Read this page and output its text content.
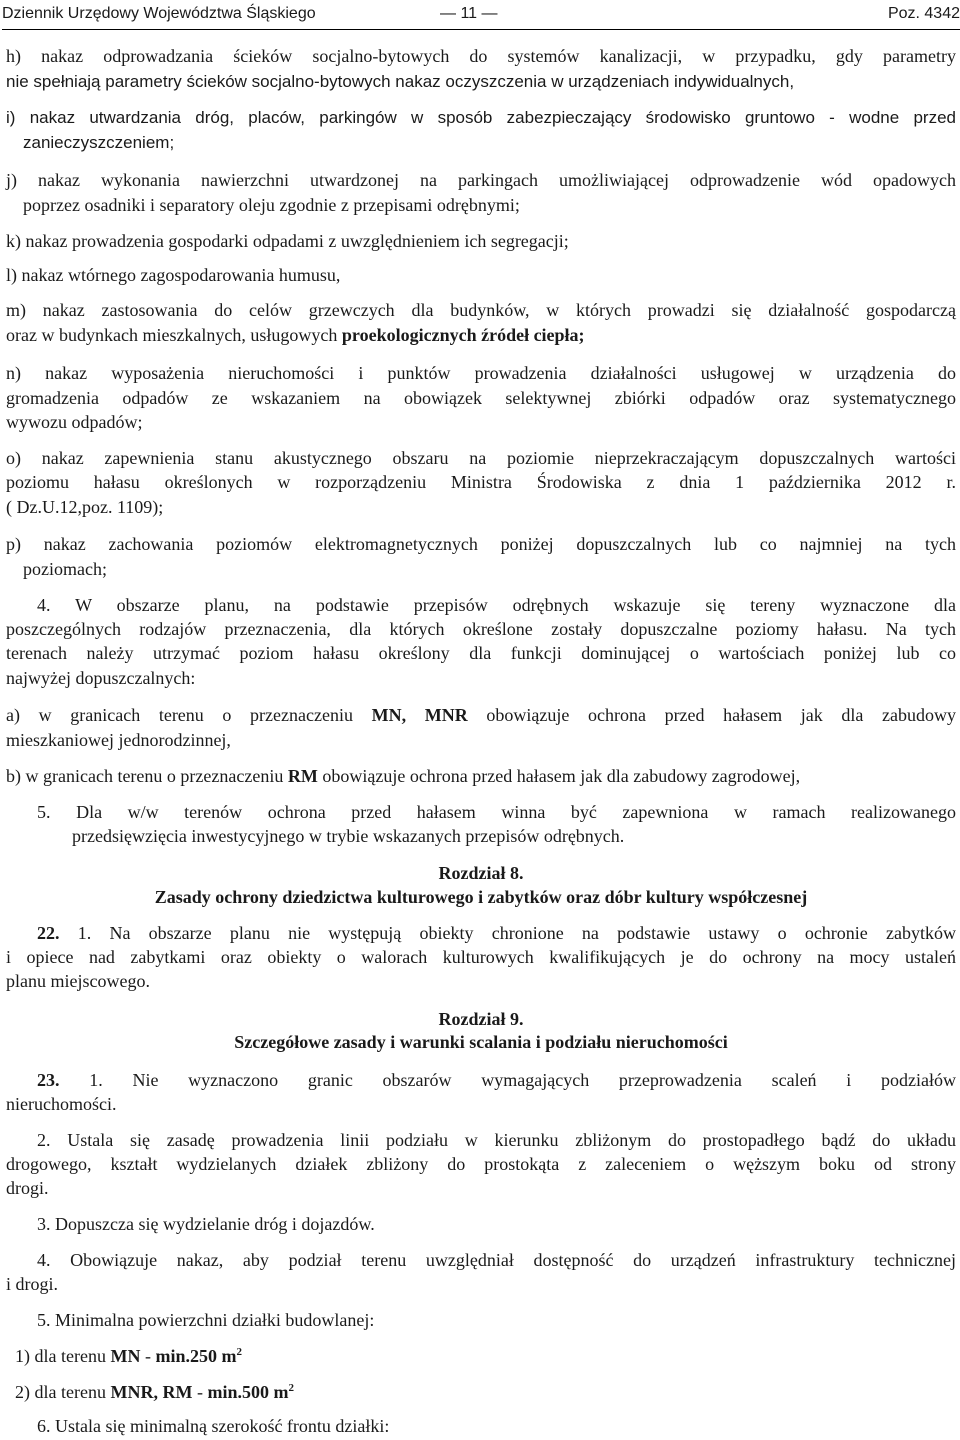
Dziennik Urzędowy Województwa Śląskiego	— 11 —	Poz. 4342

h) nakaz odprowadzania ścieków socjalno-bytowych do systemów kanalizacji, w przypadku, gdy parametry

nie spełniają parametry ścieków socjalno-bytowych nakaz oczyszczenia w urządzeniach indywidualnych,

i) nakaz utwardzania dróg, placów, parkingów w sposób zabezpieczający środowisko gruntowo - wodne przed

zanieczyszczeniem;

j) nakaz wykonania nawierzchni utwardzonej na parkingach umożliwiającej odprowadzenie wód opadowych

poprzez osadniki i separatory oleju zgodnie z przepisami odrębnymi;

k) nakaz prowadzenia gospodarki odpadami z uwzględnieniem ich segregacji;

l) nakaz wtórnego zagospodarowania humusu,

m) nakaz zastosowania do celów grzewczych dla budynków, w których prowadzi się działalność gospodarczą

oraz w budynkach mieszkalnych, usługowych proekologicznych źródeł ciepła;

n) nakaz wyposażenia nieruchomości i punktów prowadzenia działalności usługowej w urządzenia do

gromadzenia odpadów ze wskazaniem na obowiązek selektywnej zbiórki odpadów oraz systematycznego

wywozu odpadów;

o) nakaz zapewnienia stanu akustycznego obszaru na poziomie nieprzekraczającym dopuszczalnych wartości

poziomu hałasu określonych w rozporządzeniu Ministra Środowiska z dnia 1 października 2012 r.

( Dz.U.12,poz. 1109);

p) nakaz zachowania poziomów elektromagnetycznych poniżej dopuszczalnych lub co najmniej na tych

poziomach;

4. W obszarze planu, na podstawie przepisów odrębnych wskazuje się tereny wyznaczone dla

poszczególnych rodzajów przeznaczenia, dla których określone zostały dopuszczalne poziomy hałasu. Na tych

terenach należy utrzymać poziom hałasu określony dla funkcji dominującej o wartościach poniżej lub co

najwyżej dopuszczalnych:

a) w granicach terenu o przeznaczeniu MN, MNR obowiązuje ochrona przed hałasem jak dla zabudowy

mieszkaniowej jednorodzinnej,

b) w granicach terenu o przeznaczeniu RM obowiązuje ochrona przed hałasem jak dla zabudowy zagrodowej,

5. Dla w/w terenów ochrona przed hałasem winna być zapewniona w ramach realizowanego

przedsięwzięcia inwestycyjnego w trybie wskazanych przepisów odrębnych.

Rozdział 8.

Zasady ochrony dziedzictwa kulturowego i zabytków oraz dóbr kultury współczesnej

22. 1. Na obszarze planu nie występują obiekty chronione na podstawie ustawy o ochronie zabytków

i opiece nad zabytkami oraz obiekty o walorach kulturowych kwalifikujących je do ochrony na mocy ustaleń

planu miejscowego.

Rozdział 9.

Szczegółowe zasady i warunki scalania i podziału nieruchomości

23. 1. Nie wyznaczono granic obszarów wymagających przeprowadzenia scaleń i podziałów

nieruchomości.

2. Ustala się zasadę prowadzenia linii podziału w kierunku zbliżonym do prostopadłego bądź do układu

drogowego, kształt wydzielanych działek zbliżony do prostokąta z zaleceniem o węższym boku od strony

drogi.

3. Dopuszcza się wydzielanie dróg i dojazdów.

4. Obowiązuje nakaz, aby podział terenu uwzględniał dostępność do urządzeń infrastruktury technicznej

i drogi.

5. Minimalna powierzchni działki budowlanej:

1) dla terenu MN - min.250 $m^2$

2) dla terenu MNR, RM - min.500 $m^2$

6. Ustala się minimalną szerokość frontu działki:
